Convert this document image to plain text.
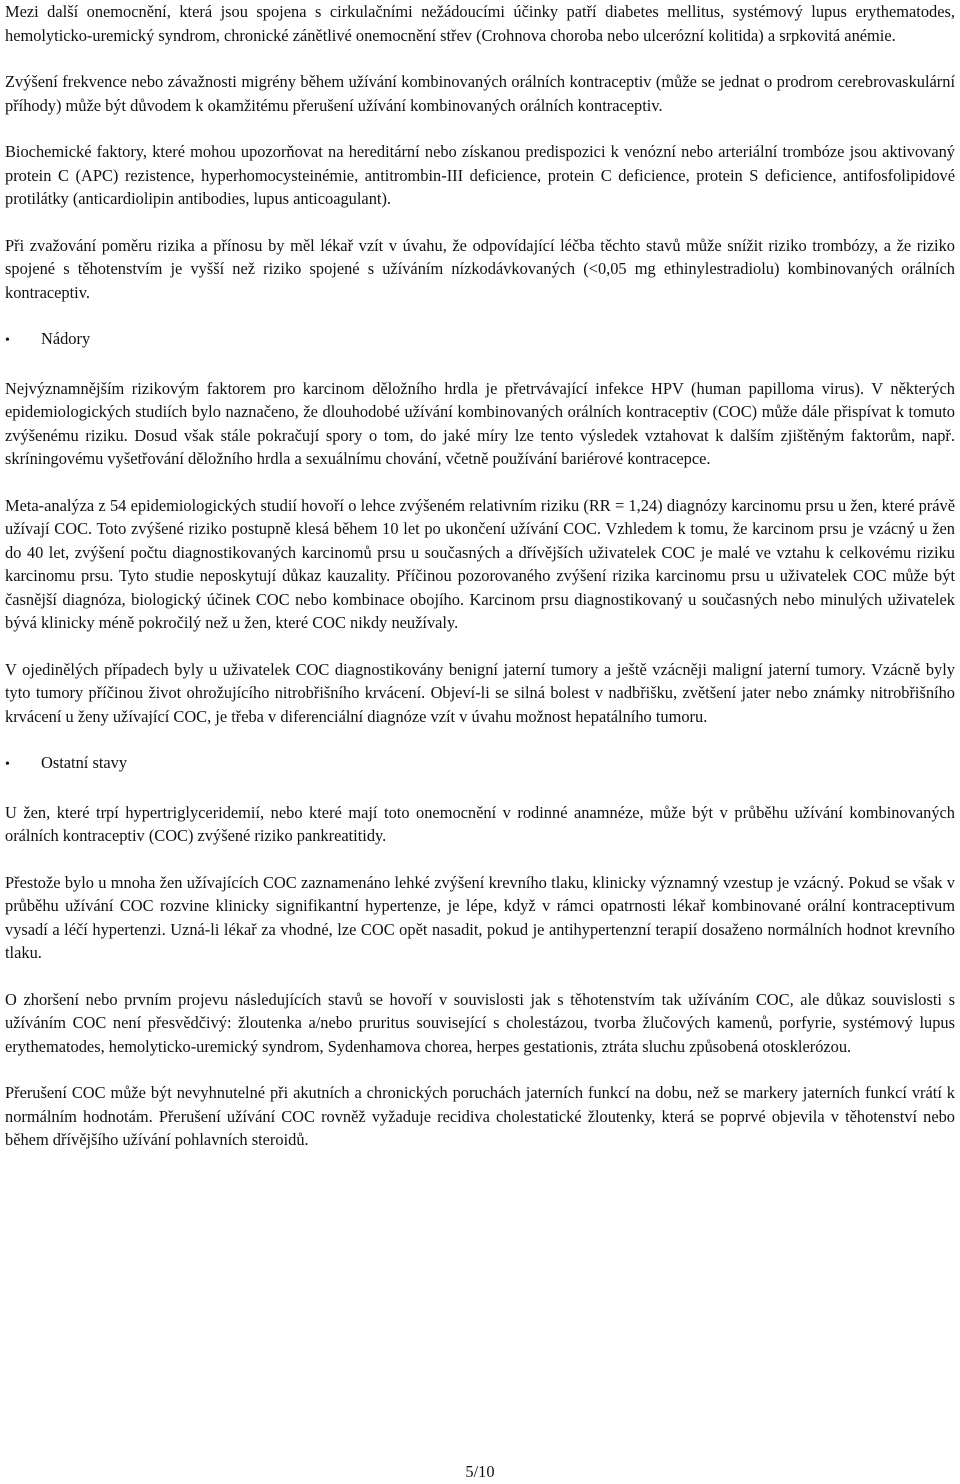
Mezi další onemocnění, která jsou spojena s cirkulačními nežádoucími účinky patří diabetes mellitus, systémový lupus erythematodes, hemolyticko-uremický syndrom, chronické zánětlivé onemocnění střev (Crohnova choroba nebo ulcerózní kolitida) a srpkovitá anémie.

Zvýšení frekvence nebo závažnosti migrény během užívání kombinovaných orálních kontraceptiv (může se jednat o prodrom cerebrovaskulární příhody) může být důvodem k okamžitému přerušení užívání kombinovaných orálních kontraceptiv.

Biochemické faktory, které mohou upozorňovat na hereditární nebo získanou predispozici k venózní nebo arteriální trombóze jsou aktivovaný protein C (APC) rezistence, hyperhomocysteinémie, antitrombin-III deficience, protein C deficience, protein S deficience, antifosfolipidové protilátky (anticardiolipin antibodies, lupus anticoagulant).

Při zvažování poměru rizika a přínosu by měl lékař vzít v úvahu, že odpovídající léčba těchto stavů může snížit riziko trombózy, a že riziko spojené s těhotenstvím je vyšší než riziko spojené s užíváním nízkodávkovaných (<0,05 mg ethinylestradiolu) kombinovaných orálních kontraceptiv.

•	Nádory

Nejvýznamnějším rizikovým faktorem pro karcinom děložního hrdla je přetrvávající infekce HPV (human papilloma virus). V některých epidemiologických studiích bylo naznačeno, že dlouhodobé užívání kombinovaných orálních kontraceptiv (COC) může dále přispívat k tomuto zvýšenému riziku. Dosud však stále pokračují spory o tom, do jaké míry lze tento výsledek vztahovat k dalším zjištěným faktorům, např. skríningovému vyšetřování děložního hrdla a sexuálnímu chování, včetně používání bariérové kontracepce.

Meta-analýza z 54 epidemiologických studií hovoří o lehce zvýšeném relativním riziku (RR = 1,24) diagnózy karcinomu prsu u žen, které právě užívají COC. Toto zvýšené riziko postupně klesá během 10 let po ukončení užívání COC. Vzhledem k tomu, že karcinom prsu je vzácný u žen do 40 let, zvýšení počtu diagnostikovaných karcinomů prsu u současných a dřívějších uživatelek COC je malé ve vztahu k celkovému riziku karcinomu prsu. Tyto studie neposkytují důkaz kauzality. Příčinou pozorovaného zvýšení rizika karcinomu prsu u uživatelek COC může být časnější diagnóza, biologický účinek COC nebo kombinace obojího. Karcinom prsu diagnostikovaný u současných nebo minulých uživatelek bývá klinicky méně pokročilý než u žen, které COC nikdy neužívaly.

V ojedinělých případech byly u uživatelek COC diagnostikovány benigní jaterní tumory a ještě vzácněji maligní jaterní tumory. Vzácně byly tyto tumory příčinou život ohrožujícího nitrobřišního krvácení. Objeví-li se silná bolest v nadbřišku, zvětšení jater nebo známky nitrobřišního krvácení u ženy užívající COC, je třeba v diferenciální diagnóze vzít v úvahu možnost hepatálního tumoru.

•	Ostatní stavy

U žen, které trpí hypertriglyceridemií, nebo které mají toto onemocnění v rodinné anamnéze, může být v průběhu užívání kombinovaných orálních kontraceptiv (COC) zvýšené riziko pankreatitidy.

Přestože bylo u mnoha žen užívajících COC zaznamenáno lehké zvýšení krevního tlaku, klinicky významný vzestup je vzácný. Pokud se však v průběhu užívání COC rozvine klinicky signifikantní hypertenze, je lépe, když v rámci opatrnosti lékař kombinované orální kontraceptivum vysadí a léčí hypertenzi. Uzná-li lékař za vhodné, lze COC opět nasadit, pokud je antihypertenzní terapií dosaženo normálních hodnot krevního tlaku.

O zhoršení nebo prvním projevu následujících stavů se hovoří v souvislosti jak s těhotenstvím tak užíváním COC, ale důkaz souvislosti s užíváním COC není přesvědčivý: žloutenka a/nebo pruritus související s cholestázou, tvorba žlučových kamenů, porfyrie, systémový lupus erythematodes, hemolyticko-uremický syndrom, Sydenhamova chorea, herpes gestationis, ztráta sluchu způsobená otosklerózou.

Přerušení COC může být nevyhnutelné při akutních a chronických poruchách jaterních funkcí na dobu, než se markery jaterních funkcí vrátí k normálním hodnotám. Přerušení užívání COC rovněž vyžaduje recidiva cholestatické žloutenky, která se poprvé objevila v těhotenství nebo během dřívějšího užívání pohlavních steroidů.

5/10
